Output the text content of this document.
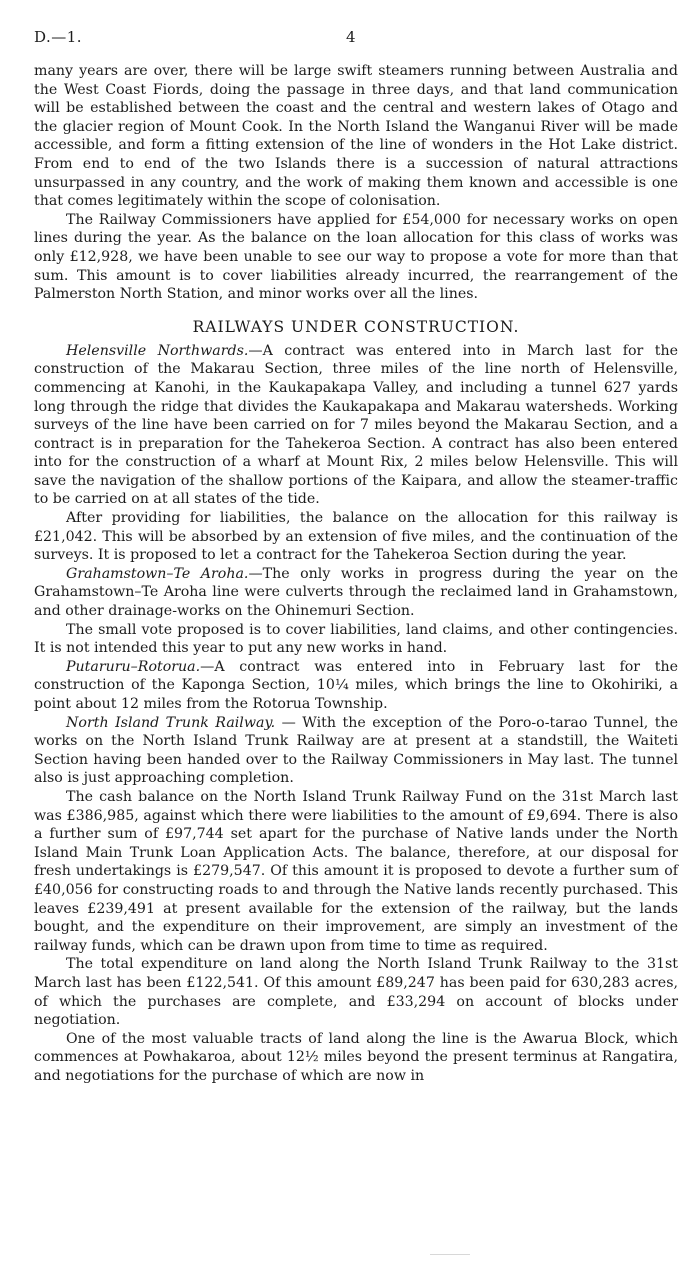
D.—1.	4

many years are over, there will be large swift steamers running between Australia and the West Coast Fiords, doing the passage in three days, and that land communication will be established between the coast and the central and western lakes of Otago and the glacier region of Mount Cook. In the North Island the Wanganui River will be made accessible, and form a fitting extension of the line of wonders in the Hot Lake district. From end to end of the two Islands there is a succession of natural attractions unsurpassed in any country, and the work of making them known and accessible is one that comes legitimately within the scope of colonisation.

The Railway Commissioners have applied for £54,000 for necessary works on open lines during the year. As the balance on the loan allocation for this class of works was only £12,928, we have been unable to see our way to propose a vote for more than that sum. This amount is to cover liabilities already incurred, the rearrangement of the Palmerston North Station, and minor works over all the lines.

RAILWAYS UNDER CONSTRUCTION.

Helensville Northwards.—A contract was entered into in March last for the construction of the Makarau Section, three miles of the line north of Helensville, commencing at Kanohi, in the Kaukapakapa Valley, and including a tunnel 627 yards long through the ridge that divides the Kaukapakapa and Makarau watersheds. Working surveys of the line have been carried on for 7 miles beyond the Makarau Section, and a contract is in preparation for the Tahekeroa Section. A contract has also been entered into for the construction of a wharf at Mount Rix, 2 miles below Helensville. This will save the navigation of the shallow portions of the Kaipara, and allow the steamer-traffic to be carried on at all states of the tide.

After providing for liabilities, the balance on the allocation for this railway is £21,042. This will be absorbed by an extension of five miles, and the continuation of the surveys. It is proposed to let a contract for the Tahekeroa Section during the year.

Grahamstown–Te Aroha.—The only works in progress during the year on the Grahamstown–Te Aroha line were culverts through the reclaimed land in Grahamstown, and other drainage-works on the Ohinemuri Section.

The small vote proposed is to cover liabilities, land claims, and other contingencies. It is not intended this year to put any new works in hand.

Putaruru–Rotorua.—A contract was entered into in February last for the construction of the Kaponga Section, 10¼ miles, which brings the line to Okohiriki, a point about 12 miles from the Rotorua Township.

North Island Trunk Railway. — With the exception of the Poro-o-tarao Tunnel, the works on the North Island Trunk Railway are at present at a standstill, the Waiteti Section having been handed over to the Railway Commissioners in May last. The tunnel also is just approaching completion.

The cash balance on the North Island Trunk Railway Fund on the 31st March last was £386,985, against which there were liabilities to the amount of £9,694. There is also a further sum of £97,744 set apart for the purchase of Native lands under the North Island Main Trunk Loan Application Acts. The balance, therefore, at our disposal for fresh undertakings is £279,547. Of this amount it is proposed to devote a further sum of £40,056 for constructing roads to and through the Native lands recently purchased. This leaves £239,491 at present available for the extension of the railway, but the lands bought, and the expenditure on their improvement, are simply an investment of the railway funds, which can be drawn upon from time to time as required.

The total expenditure on land along the North Island Trunk Railway to the 31st March last has been £122,541. Of this amount £89,247 has been paid for 630,283 acres, of which the purchases are complete, and £33,294 on account of blocks under negotiation.

One of the most valuable tracts of land along the line is the Awarua Block, which commences at Powhakaroa, about 12½ miles beyond the present terminus at Rangatira, and negotiations for the purchase of which are now in
